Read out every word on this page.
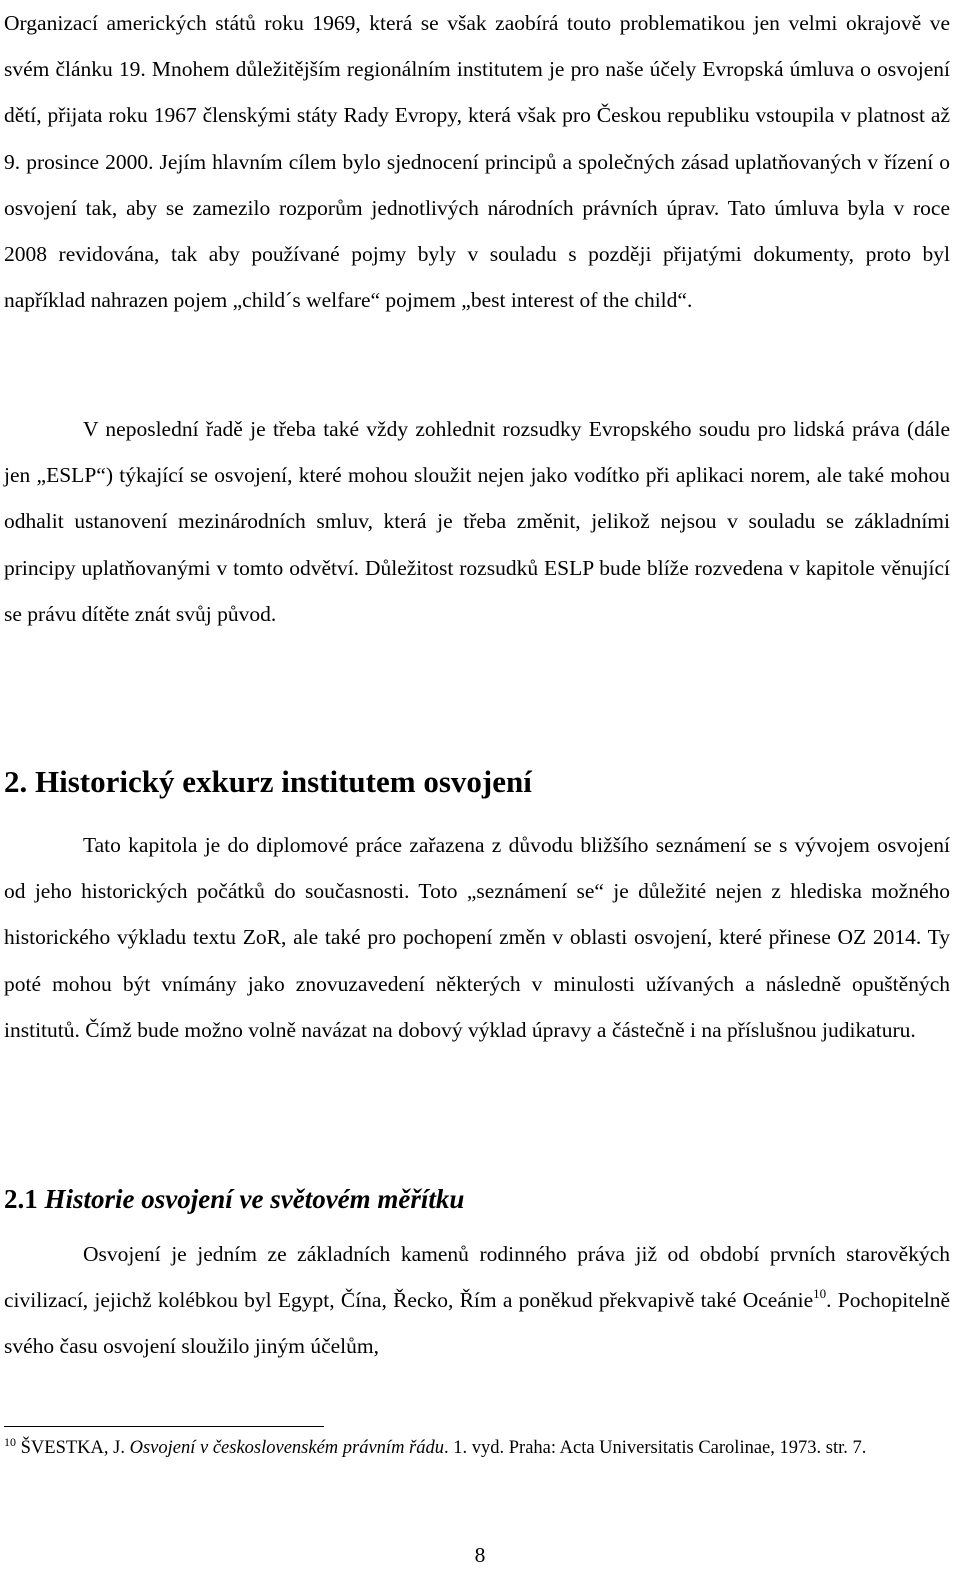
Organizací amerických států roku 1969, která se však zaobírá touto problematikou jen velmi okrajově ve svém článku 19. Mnohem důležitějším regionálním institutem je pro naše účely Evropská úmluva o osvojení dětí, přijata roku 1967 členskými státy Rady Evropy, která však pro Českou republiku vstoupila v platnost až 9. prosince 2000. Jejím hlavním cílem bylo sjednocení principů a společných zásad uplatňovaných v řízení o osvojení tak, aby se zamezilo rozporům jednotlivých národních právních úprav. Tato úmluva byla v roce 2008 revidována, tak aby používané pojmy byly v souladu s později přijatými dokumenty, proto byl například nahrazen pojem „child´s welfare“ pojmem „best interest of the child“.

V neposlední řadě je třeba také vždy zohlednit rozsudky Evropského soudu pro lidská práva (dále jen „ESLP“) týkající se osvojení, které mohou sloužit nejen jako vodítko při aplikaci norem, ale také mohou odhalit ustanovení mezinárodních smluv, která je třeba změnit, jelikož nejsou v souladu se základními principy uplatňovanými v tomto odvětví. Důležitost rozsudků ESLP bude blíže rozvedena v kapitole věnující se právu dítěte znát svůj původ.

2. Historický exkurz institutem osvojení

Tato kapitola je do diplomové práce zařazena z důvodu bližšího seznámení se s vývojem osvojení od jeho historických počátků do současnosti. Toto „seznámení se“ je důležité nejen z hlediska možného historického výkladu textu ZoR, ale také pro pochopení změn v oblasti osvojení, které přinese OZ 2014. Ty poté mohou být vnímány jako znovuzavedení některých v minulosti užívaných a následně opuštěných institutů. Čímž bude možno volně navázat na dobový výklad úpravy a částečně i na příslušnou judikaturu.

2.1 Historie osvojení ve světovém měřítku

Osvojení je jedním ze základních kamenů rodinného práva již od období prvních starověkých civilizací, jejichž kolébkou byl Egypt, Čína, Řecko, Řím a poněkud překvapivě také Oceánie$^{10}$. Pochopitelně svého času osvojení sloužilo jiným účelům,

$^{10}$ ŠVESTKA, J. Osvojení v československém právním řádu. 1. vyd. Praha: Acta Universitatis Carolinae, 1973. str. 7.

8
